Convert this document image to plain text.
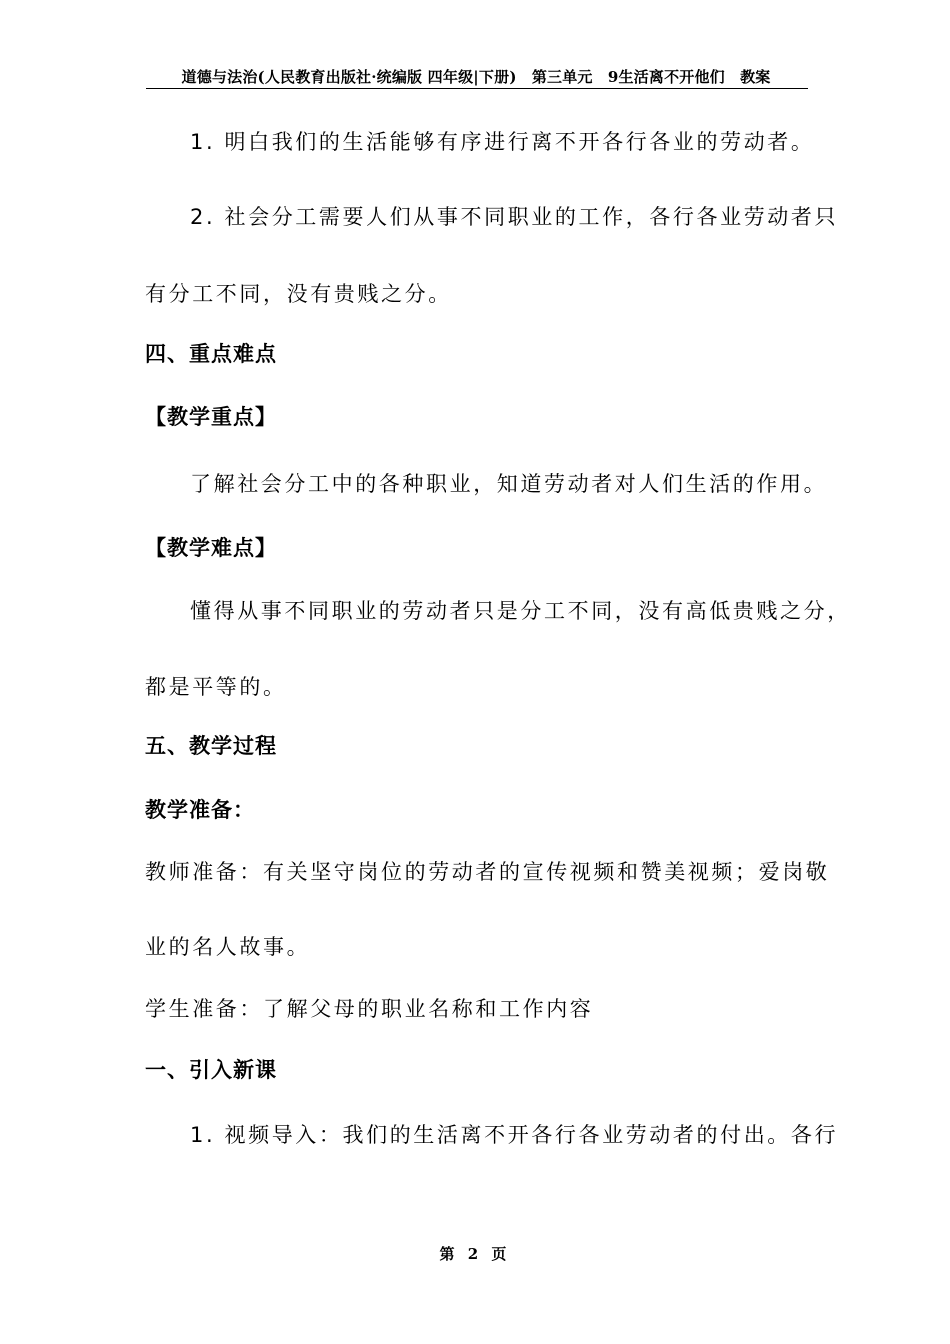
道德与法治(人民教育出版社·统编版 四年级|下册)　第三单元　9生活离不开他们　教案
1. 明白我们的生活能够有序进行离不开各行各业的劳动者。
2. 社会分工需要人们从事不同职业的工作，各行各业劳动者只
有分工不同，没有贵贱之分。
四、重点难点
【教学重点】
了解社会分工中的各种职业，知道劳动者对人们生活的作用。
【教学难点】
懂得从事不同职业的劳动者只是分工不同，没有高低贵贱之分，
都是平等的。
五、教学过程
教学准备：
教师准备：有关坚守岗位的劳动者的宣传视频和赞美视频；爱岗敬
业的名人故事。
学生准备：了解父母的职业名称和工作内容
一、引入新课
1. 视频导入：我们的生活离不开各行各业劳动者的付出。各行
第 2 页
